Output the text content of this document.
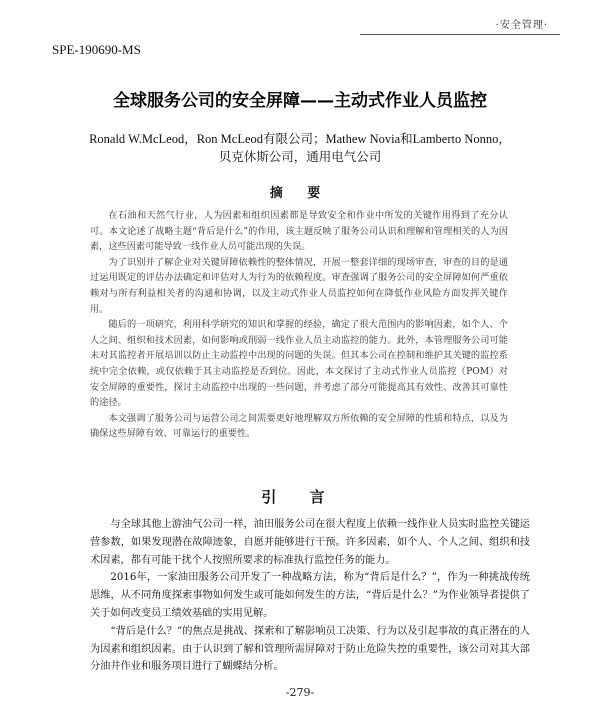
·安全管理·
SPE-190690-MS
全球服务公司的安全屏障——主动式作业人员监控
Ronald W.McLeod，Ron McLeod有限公司；Mathew Novia和Lamberto Nonno，
贝克休斯公司，通用电气公司
摘 要

在石油和天然气行业，人为因素和组织因素都是导致安全和作业中所发的关键作用得到了充分认可。本文论述了战略主题“背后是什么”的作用，该主题反映了服务公司认识和理解和管理相关的人为因素，这些因素可能导致一线作业人员可能出现的失误。

为了识别并了解企业对关键屏障依赖性的整体情况，开展一整套详细的现场审查，审查的目的是通过运用既定的评估办法确定和评估对人为行为的依赖程度。审查强调了服务公司的安全屏障如何严重依赖对与所有利益相关者的沟通和协调，以及主动式作业人员监控如何在降低作业风险方面发挥关键作用。

随后的一项研究，利用科学研究的知识和掌握的经验，确定了很大范围内的影响因素，如个人、个人之间、组织和技术因素，如何影响或削弱一线作业人员主动监控的能力。此外，本管理服务公司可能未对其监控者开展培训以防止主动监控中出现的问题的失误。但其本公司在控制和维护其关键的监控系统中完全依赖，或仅依赖于其主动监控是否到位。因此，本文探讨了主动式作业人员监控（POM）对安全屏障的重要性，探讨主动监控中出现的一些问题，并考虑了部分可能提高其有效性、改善其可靠性的途径。

本文强调了服务公司与运营公司之间需要更好地理解双方所依赖的安全屏障的性质和特点，以及为确保这些屏障有效、可靠运行的重要性。

引 言

与全球其他上游油气公司一样，油田服务公司在很大程度上依赖一线作业人员实时监控关键运营参数，如果发现潜在故障迹象，自愿并能够进行干预。许多因素，如个人、个人之间、组织和技术因素，都有可能干扰个人按照所要求的标准执行监控任务的能力。

2016年，一家油田服务公司开发了一种战略方法，称为“背后是什么？”，作为一种挑战传统思维，从不同角度探索事物如何发生或可能如何发生的方法，“背后是什么？”为作业领导者提供了关于如何改变员工绩效基础的实用见解。

“背后是什么？”的焦点是挑战、探索和了解影响员工决策、行为以及引起事故的真正潜在的人为因素和组织因素。由于认识到了解和管理所需屏障对于防止危险失控的重要性，该公司对其大部分油井作业和服务项目进行了蝴蝶结分析。

-279-
